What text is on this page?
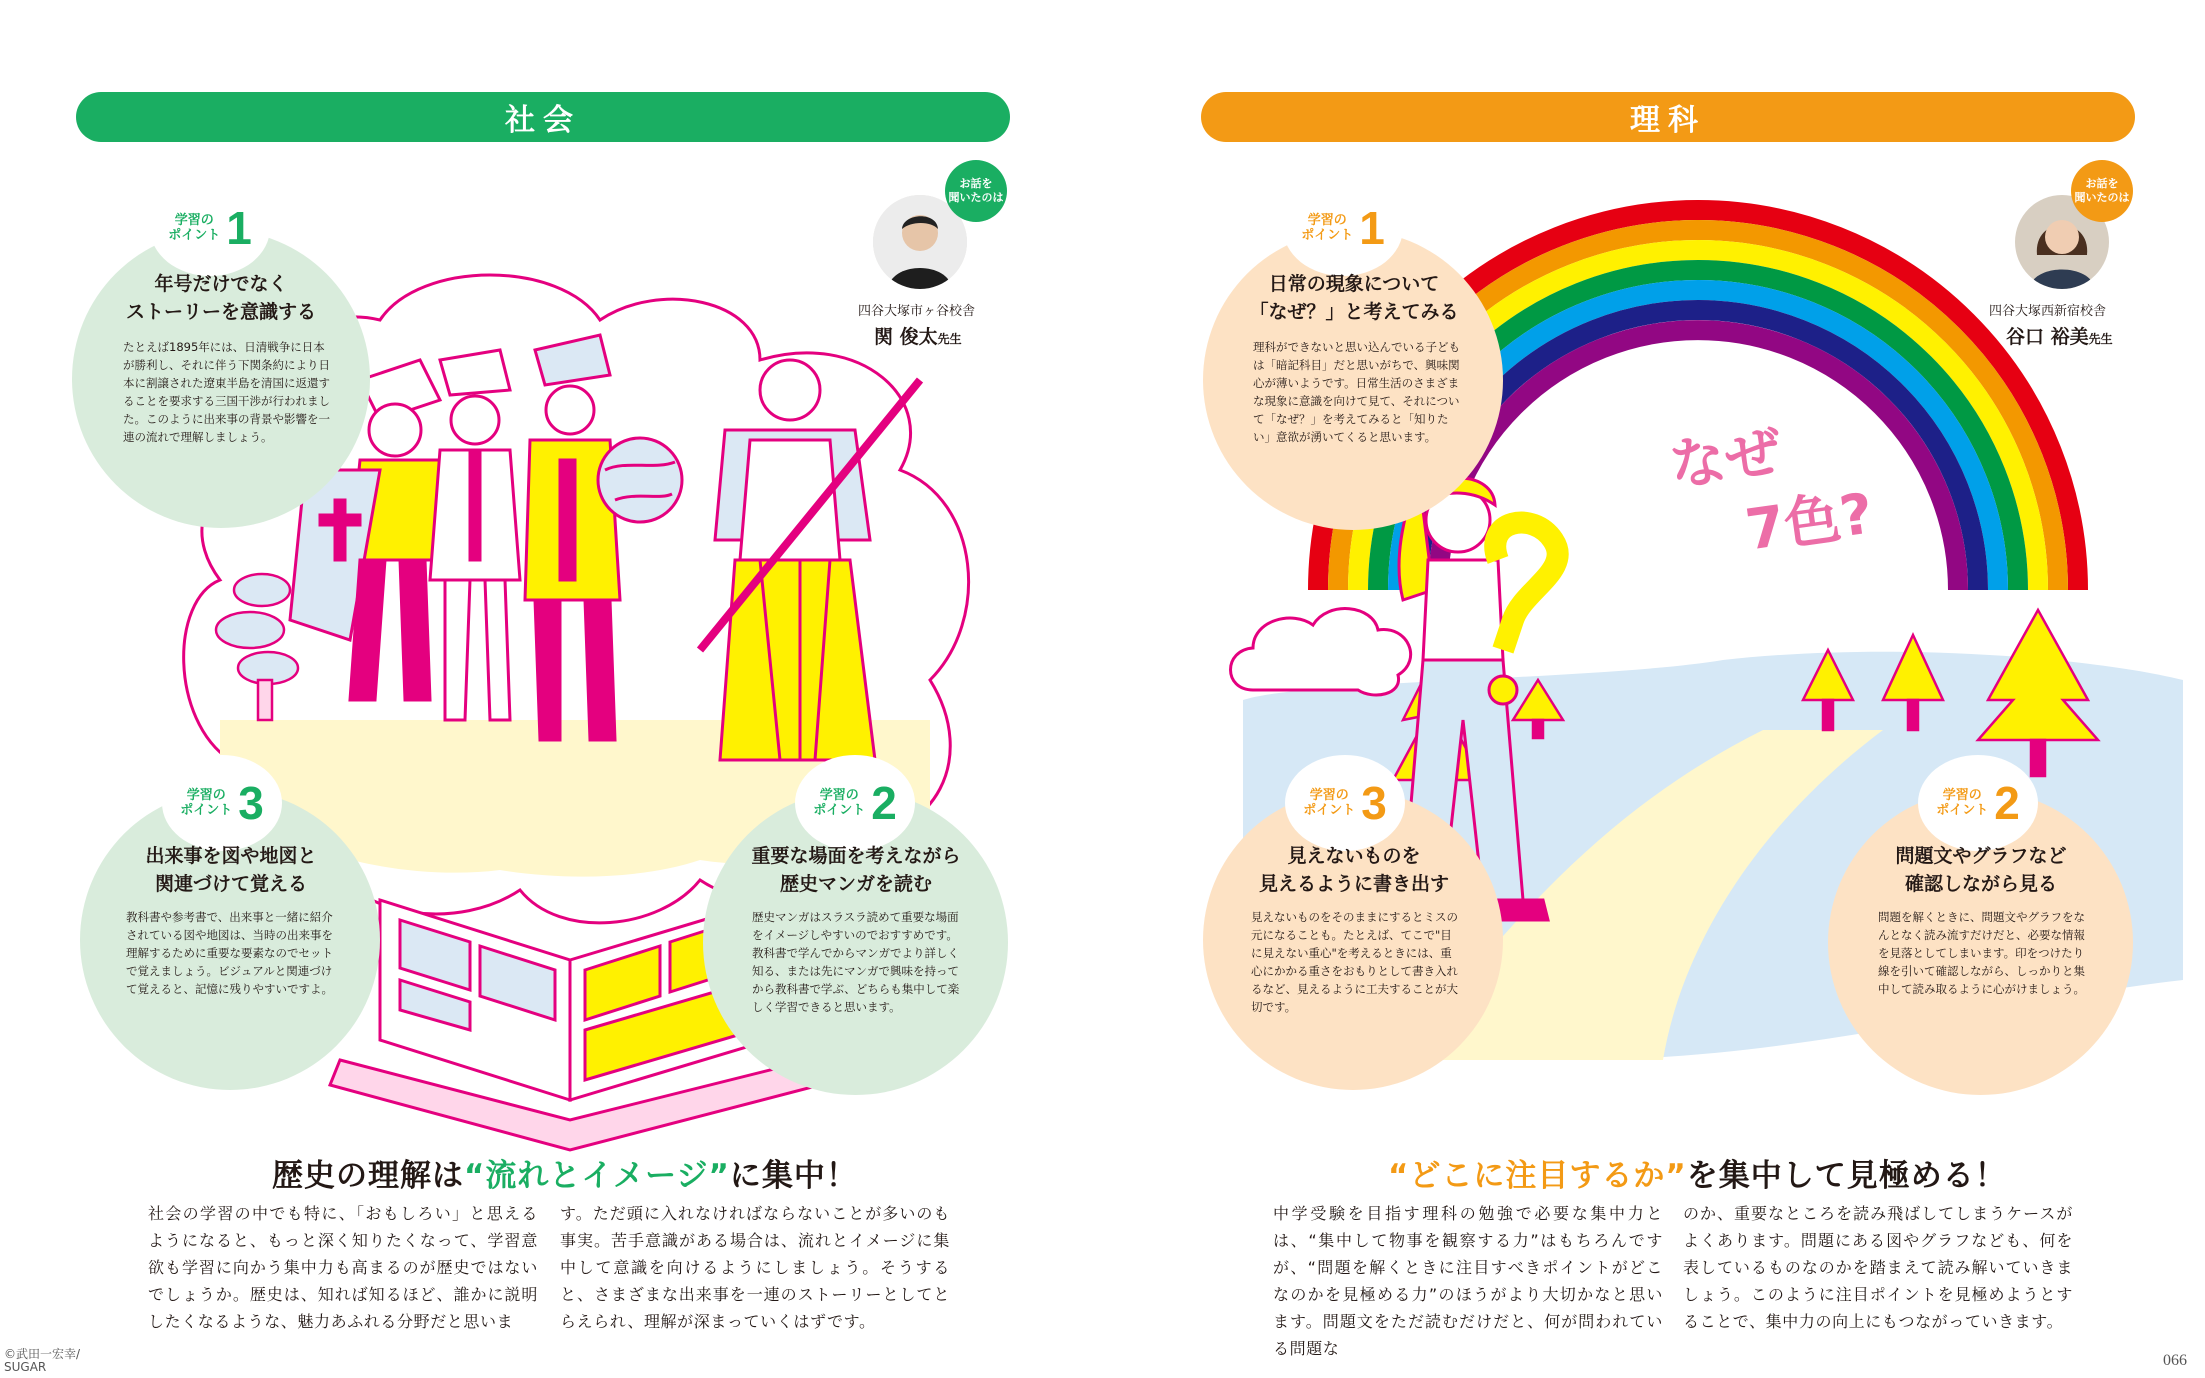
社会
学習の
ポイント 1
年号だけでなく
ストーリーを意識する
たとえば1895年には、日清戦争に日本が勝利し、それに伴う下関条約により日本に割譲された遼東半島を清国に返還することを要求する三国干渉が行われました。このように出来事の背景や影響を一連の流れで理解しましょう。
学習の
ポイント 2
重要な場面を考えながら
歴史マンガを読む
歴史マンガはスラスラ読めて重要な場面をイメージしやすいのでおすすめです。教科書で学んでからマンガでより詳しく知る、または先にマンガで興味を持ってから教科書で学ぶ、どちらも集中して楽しく学習できると思います。
学習の
ポイント 3
出来事を図や地図と
関連づけて覚える
教科書や参考書で、出来事と一緒に紹介されている図や地図は、当時の出来事を理解するために重要な要素なのでセットで覚えましょう。ビジュアルと関連づけて覚えると、記憶に残りやすいですよ。
お話を
聞いたのは
四谷大塚市ヶ谷校舎
関 俊太先生
歴史の理解は“流れとイメージ”に集中！
社会の学習の中でも特に、「おもしろい」と思えるようになると、もっと深く知りたくなって、学習意欲も学習に向かう集中力も高まるのが歴史ではないでしょうか。歴史は、知れば知るほど、誰かに説明したくなるような、魅力あふれる分野だと思いま
す。ただ頭に入れなければならないことが多いのも事実。苦手意識がある場合は、流れとイメージに集中して意識を向けるようにしましょう。そうすると、さまざまな出来事を一連のストーリーとしてとらえられ、理解が深まっていくはずです。
©武田一宏幸/
SUGAR
理科
なぜ
7色?
学習の
ポイント 1
日常の現象について
「なぜ？」と考えてみる
理科ができないと思い込んでいる子どもは「暗記科目」だと思いがちで、興味関心が薄いようです。日常生活のさまざまな現象に意識を向けて見て、それについて「なぜ？」を考えてみると「知りたい」意欲が湧いてくると思います。
学習の
ポイント 2
問題文やグラフなど
確認しながら見る
問題を解くときに、問題文やグラフをなんとなく読み流すだけだと、必要な情報を見落としてしまいます。印をつけたり線を引いて確認しながら、しっかりと集中して読み取るように心がけましょう。
学習の
ポイント 3
見えないものを
見えるように書き出す
見えないものをそのままにするとミスの元になることも。たとえば、てこで"目に見えない重心"を考えるときには、重心にかかる重さをおもりとして書き入れるなど、見えるように工夫することが大切です。
お話を
聞いたのは
四谷大塚西新宿校舎
谷口 裕美先生
“どこに注目するか”を集中して見極める！
中学受験を目指す理科の勉強で必要な集中力とは、“集中して物事を観察する力”はもちろんですが、“問題を解くときに注目すべきポイントがどこなのかを見極める力”のほうがより大切かなと思います。問題文をただ読むだけだと、何が問われている問題な
のか、重要なところを読み飛ばしてしまうケースがよくあります。問題にある図やグラフなども、何を表しているものなのかを踏まえて読み解いていきましょう。このように注目ポイントを見極めようとすることで、集中力の向上にもつながっていきます。
066
